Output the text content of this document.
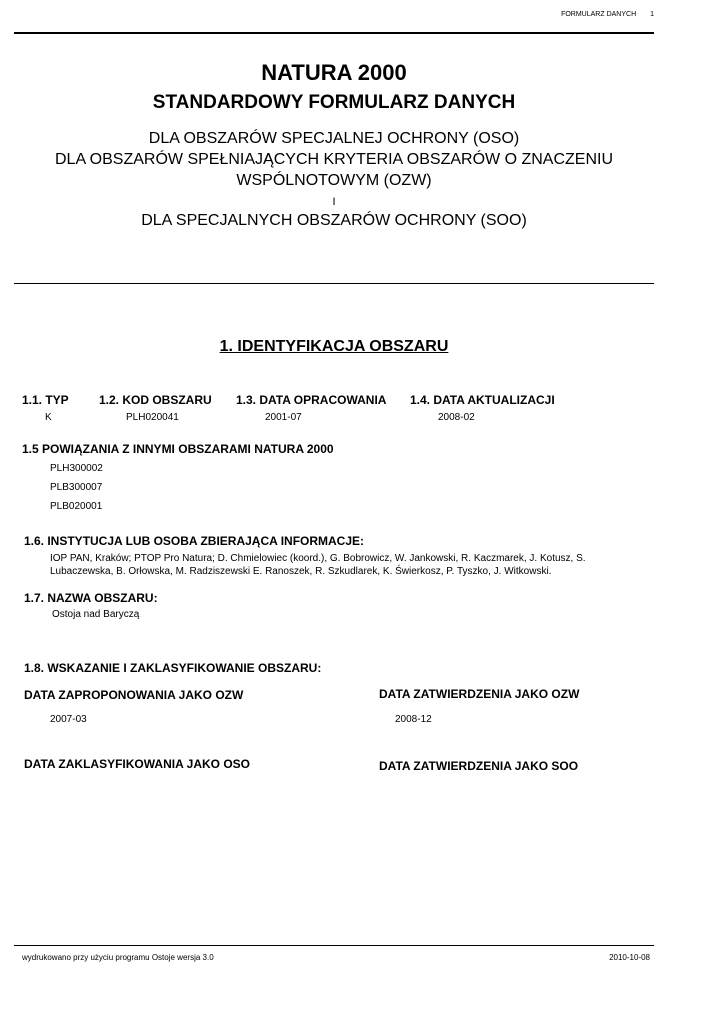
FORMULARZ DANYCH 1
NATURA 2000
STANDARDOWY FORMULARZ DANYCH
DLA OBSZARÓW SPECJALNEJ OCHRONY (OSO)
DLA OBSZARÓW SPEŁNIAJĄCYCH KRYTERIA OBSZARÓW O ZNACZENIU
WSPÓLNOTOWYM (OZW)
I
DLA SPECJALNYCH OBSZARÓW OCHRONY (SOO)
1. IDENTYFIKACJA OBSZARU
1.1. TYP
K
1.2. KOD OBSZARU
PLH020041
1.3. DATA OPRACOWANIA
2001-07
1.4. DATA AKTUALIZACJI
2008-02
1.5 POWIĄZANIA Z INNYMI OBSZARAMI NATURA 2000
PLH300002
PLB300007
PLB020001
1.6. INSTYTUCJA LUB OSOBA ZBIERAJĄCA INFORMACJE:
IOP PAN, Kraków; PTOP Pro Natura; D. Chmielowiec (koord.), G. Bobrowicz, W. Jankowski, R. Kaczmarek, J. Kotusz, S.
Lubaczewska, B. Orłowska, M. Radziszewski E. Ranoszek, R. Szkudlarek, K. Świerkosz, P. Tyszko, J. Witkowski.
1.7. NAZWA OBSZARU:
Ostoja nad Baryczą
1.8. WSKAZANIE I ZAKLASYFIKOWANIE OBSZARU:
DATA ZAPROPONOWANIA JAKO OZW
2007-03
DATA ZATWIERDZENIA JAKO OZW
2008-12
DATA ZAKLASYFIKOWANIA JAKO OSO	DATA ZATWIERDZENIA JAKO SOO
wydrukowano przy użyciu programu Ostoje wersja 3.0	2010-10-08
